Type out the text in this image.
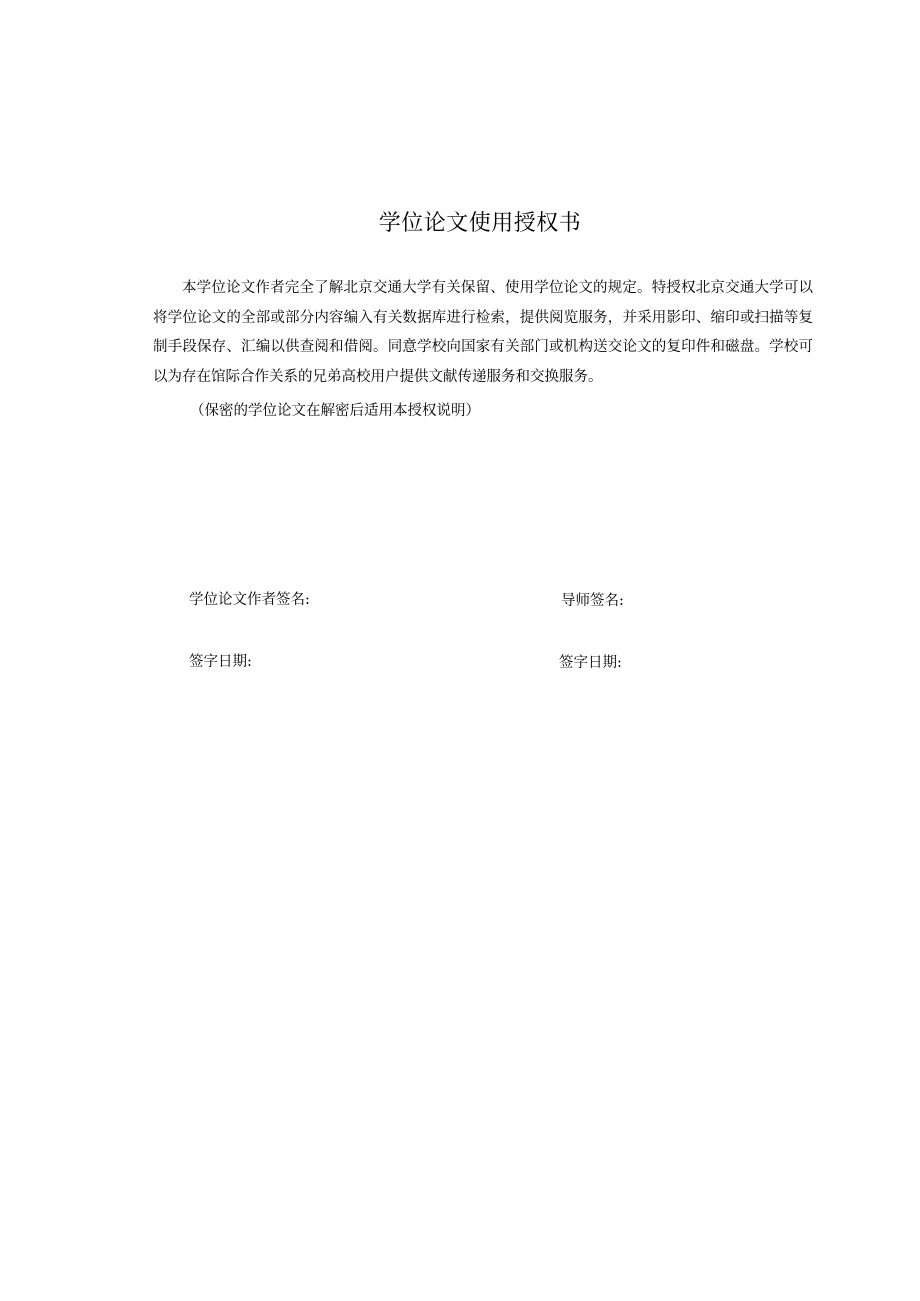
学位论文使用授权书

本学位论文作者完全了解北京交通大学有关保留、使用学位论文的规定。特授权北京交通大学可以将学位论文的全部或部分内容编入有关数据库进行检索，提供阅览服务，并采用影印、缩印或扫描等复制手段保存、汇编以供查阅和借阅。同意学校向国家有关部门或机构送交论文的复印件和磁盘。学校可以为存在馆际合作关系的兄弟高校用户提供文献传递服务和交换服务。

（保密的学位论文在解密后适用本授权说明）

学位论文作者签名:	导师签名:
签字日期:	签字日期:
